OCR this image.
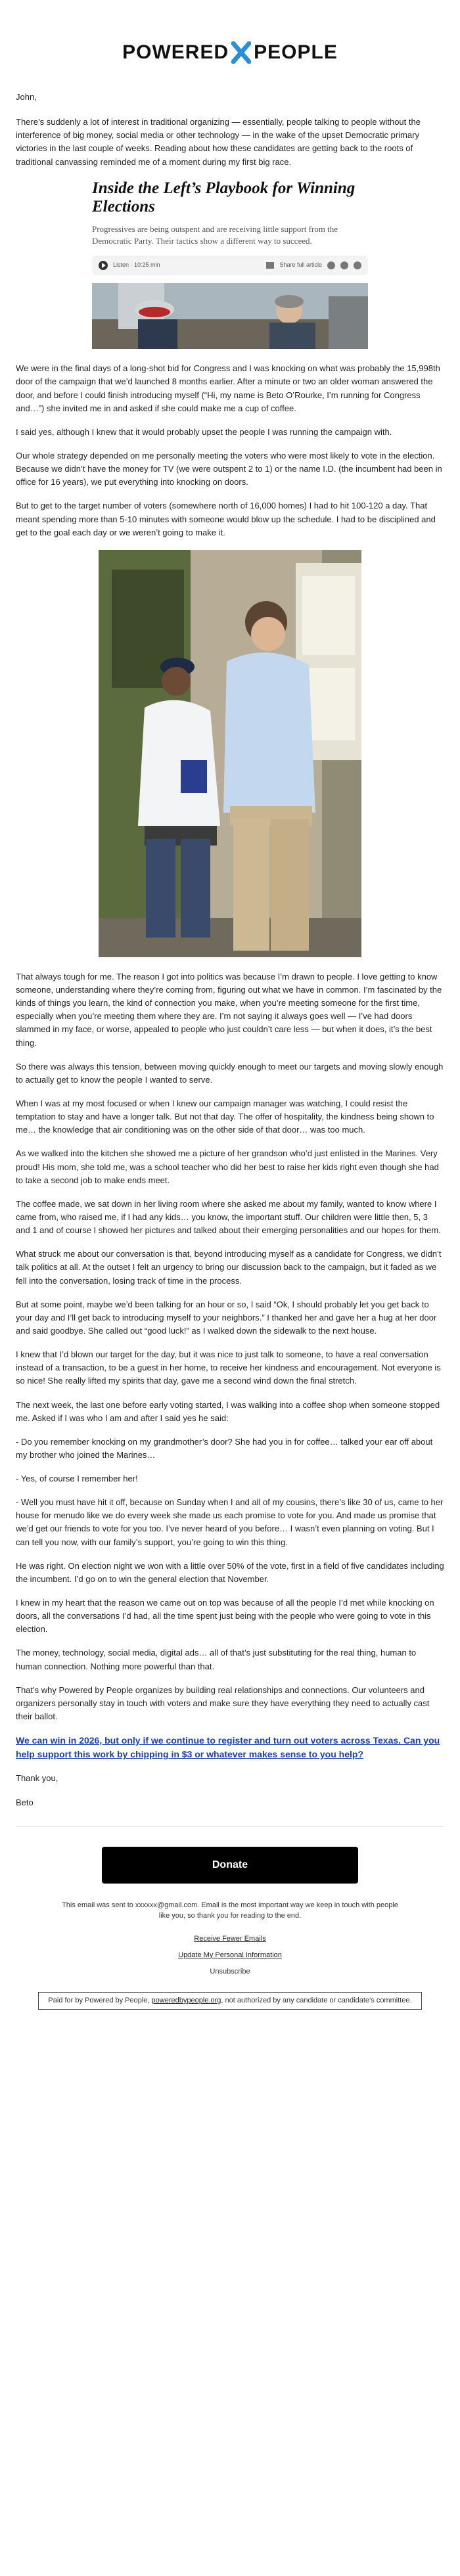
POWERED PEOPLE

John,

There’s suddenly a lot of interest in traditional organizing — essentially, people talking to people without the interference of big money, social media or other technology — in the wake of the upset Democratic primary victories in the last couple of weeks. Reading about how these candidates are getting back to the roots of traditional canvassing reminded me of a moment during my first big race.

Inside the Left’s Playbook for Winning Elections
Progressives are being outspent and are receiving little support from the Democratic Party. Their tactics show a different way to succeed.
Listen · 10:25 min	Share full article

We were in the final days of a long-shot bid for Congress and I was knocking on what was probably the 15,998th door of the campaign that we’d launched 8 months earlier. After a minute or two an older woman answered the door, and before I could finish introducing myself (“Hi, my name is Beto O’Rourke, I’m running for Congress and…”) she invited me in and asked if she could make me a cup of coffee.

I said yes, although I knew that it would probably upset the people I was running the campaign with.

Our whole strategy depended on me personally meeting the voters who were most likely to vote in the election. Because we didn’t have the money for TV (we were outspent 2 to 1) or the name I.D. (the incumbent had been in office for 16 years), we put everything into knocking on doors.

But to get to the target number of voters (somewhere north of 16,000 homes) I had to hit 100-120 a day. That meant spending more than 5-10 minutes with someone would blow up the schedule. I had to be disciplined and get to the goal each day or we weren’t going to make it.

That always tough for me. The reason I got into politics was because I’m drawn to people. I love getting to know someone, understanding where they’re coming from, figuring out what we have in common. I’m fascinated by the kinds of things you learn, the kind of connection you make, when you’re meeting someone for the first time, especially when you’re meeting them where they are. I’m not saying it always goes well — I’ve had doors slammed in my face, or worse, appealed to people who just couldn’t care less — but when it does, it’s the best thing.

So there was always this tension, between moving quickly enough to meet our targets and moving slowly enough to actually get to know the people I wanted to serve.

When I was at my most focused or when I knew our campaign manager was watching, I could resist the temptation to stay and have a longer talk. But not that day. The offer of hospitality, the kindness being shown to me… the knowledge that air conditioning was on the other side of that door… was too much.

As we walked into the kitchen she showed me a picture of her grandson who’d just enlisted in the Marines. Very proud! His mom, she told me, was a school teacher who did her best to raise her kids right even though she had to take a second job to make ends meet.

The coffee made, we sat down in her living room where she asked me about my family, wanted to know where I came from, who raised me, if I had any kids… you know, the important stuff. Our children were little then, 5, 3 and 1 and of course I showed her pictures and talked about their emerging personalities and our hopes for them.

What struck me about our conversation is that, beyond introducing myself as a candidate for Congress, we didn’t talk politics at all. At the outset I felt an urgency to bring our discussion back to the campaign, but it faded as we fell into the conversation, losing track of time in the process.

But at some point, maybe we’d been talking for an hour or so, I said “Ok, I should probably let you get back to your day and I’ll get back to introducing myself to your neighbors.” I thanked her and gave her a hug at her door and said goodbye. She called out “good luck!” as I walked down the sidewalk to the next house.

I knew that I’d blown our target for the day, but it was nice to just talk to someone, to have a real conversation instead of a transaction, to be a guest in her home, to receive her kindness and encouragement. Not everyone is so nice! She really lifted my spirits that day, gave me a second wind down the final stretch.

The next week, the last one before early voting started, I was walking into a coffee shop when someone stopped me. Asked if I was who I am and after I said yes he said:

- Do you remember knocking on my grandmother’s door? She had you in for coffee… talked your ear off about my brother who joined the Marines…

- Yes, of course I remember her!

- Well you must have hit it off, because on Sunday when I and all of my cousins, there’s like 30 of us, came to her house for menudo like we do every week she made us each promise to vote for you. And made us promise that we’d get our friends to vote for you too. I’ve never heard of you before… I wasn’t even planning on voting. But I can tell you now, with our family’s support, you’re going to win this thing.

He was right. On election night we won with a little over 50% of the vote, first in a field of five candidates including the incumbent. I’d go on to win the general election that November.

I knew in my heart that the reason we came out on top was because of all the people I’d met while knocking on doors, all the conversations I’d had, all the time spent just being with the people who were going to vote in this election.

The money, technology, social media, digital ads… all of that’s just substituting for the real thing, human to human connection. Nothing more powerful than that.

That’s why Powered by People organizes by building real relationships and connections. Our volunteers and organizers personally stay in touch with voters and make sure they have everything they need to actually cast their ballot.

We can win in 2026, but only if we continue to register and turn out voters across Texas. Can you help support this work by chipping in $3 or whatever makes sense to you help?

Thank you,

Beto

Donate
This email was sent to xxxxxx@gmail.com. Email is the most important way we keep in touch with people like you, so thank you for reading to the end.
Receive Fewer Emails
Update My Personal Information
Unsubscribe
Paid for by Powered by People, poweredbypeople.org, not authorized by any candidate or candidate’s committee.
